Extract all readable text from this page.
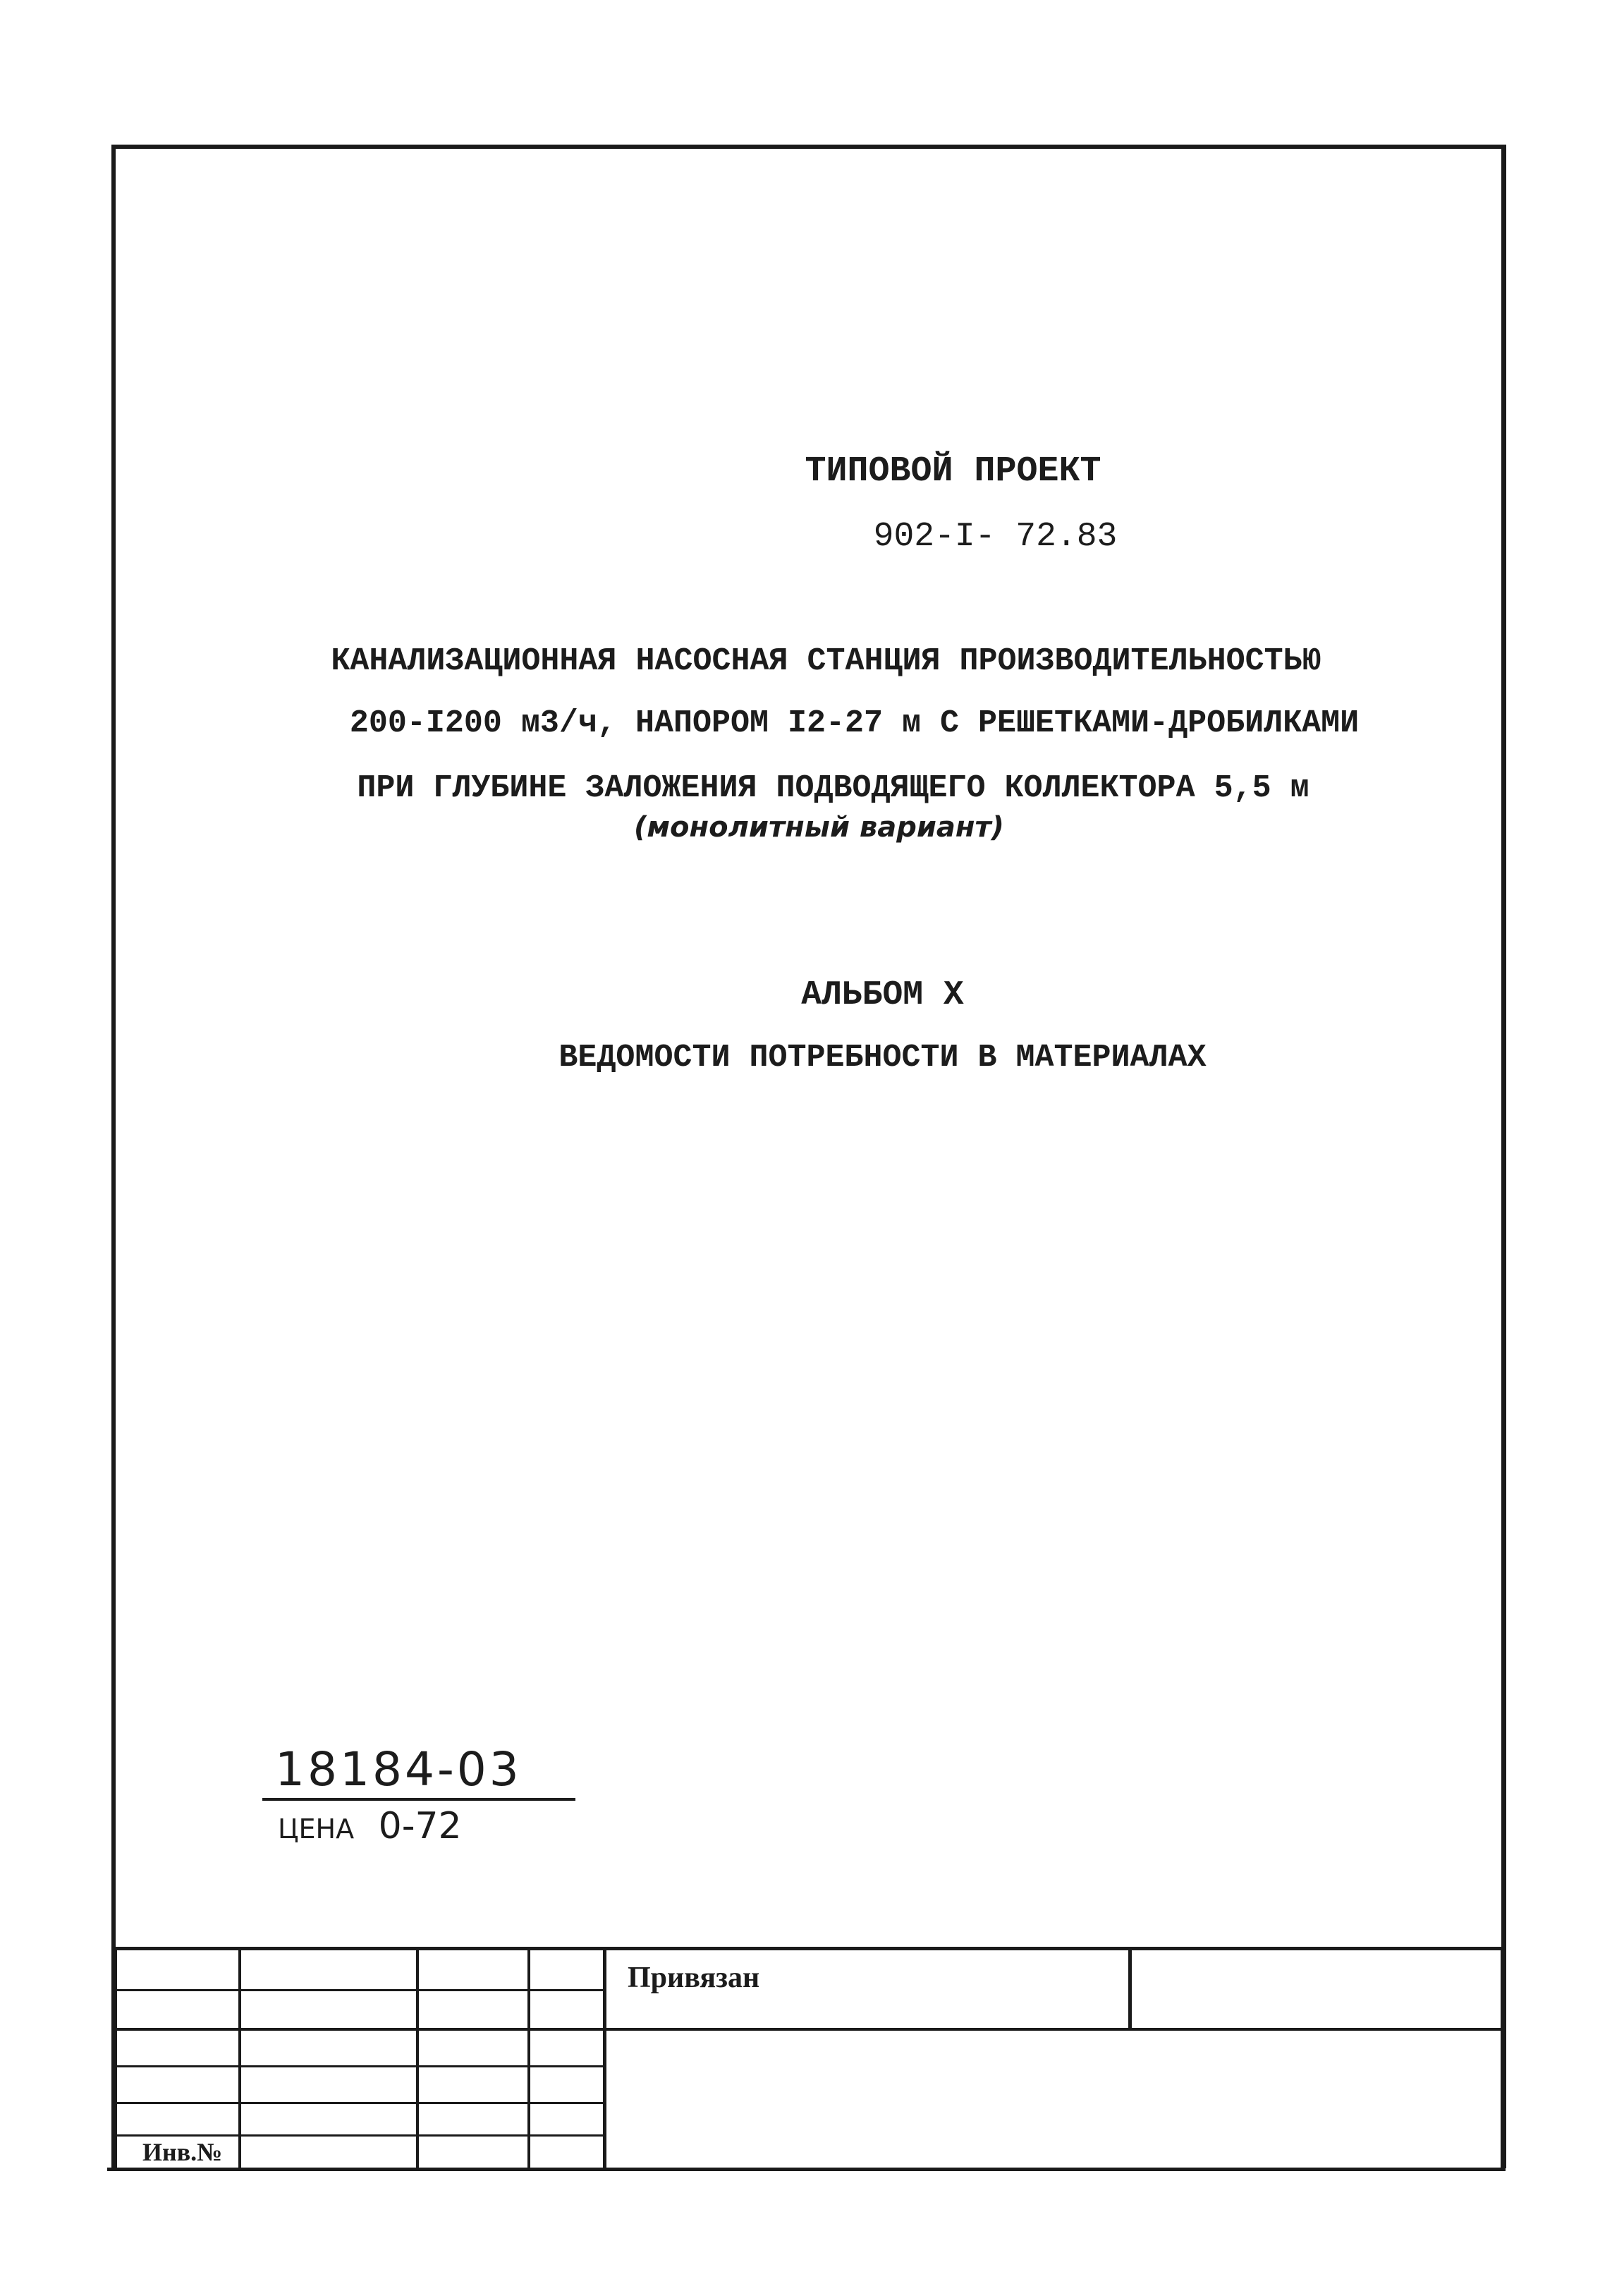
ТИПОВОЙ ПРОЕКТ
902-I- 72.83
КАНАЛИЗАЦИОННАЯ НАСОСНАЯ СТАНЦИЯ ПРОИЗВОДИТЕЛЬНОСТЬЮ
200-I200 м3/ч, НАПОРОМ I2-27 м С РЕШЕТКАМИ-ДРОБИЛКАМИ
ПРИ ГЛУБИНЕ ЗАЛОЖЕНИЯ ПОДВОДЯЩЕГО КОЛЛЕКТОРА 5,5 м
(монолитный вариант)
АЛЬБОМ X
ВЕДОМОСТИ ПОТРЕБНОСТИ В МАТЕРИАЛАХ
18184-03
ЦЕНА 0-72
Привязан
Инв.№
